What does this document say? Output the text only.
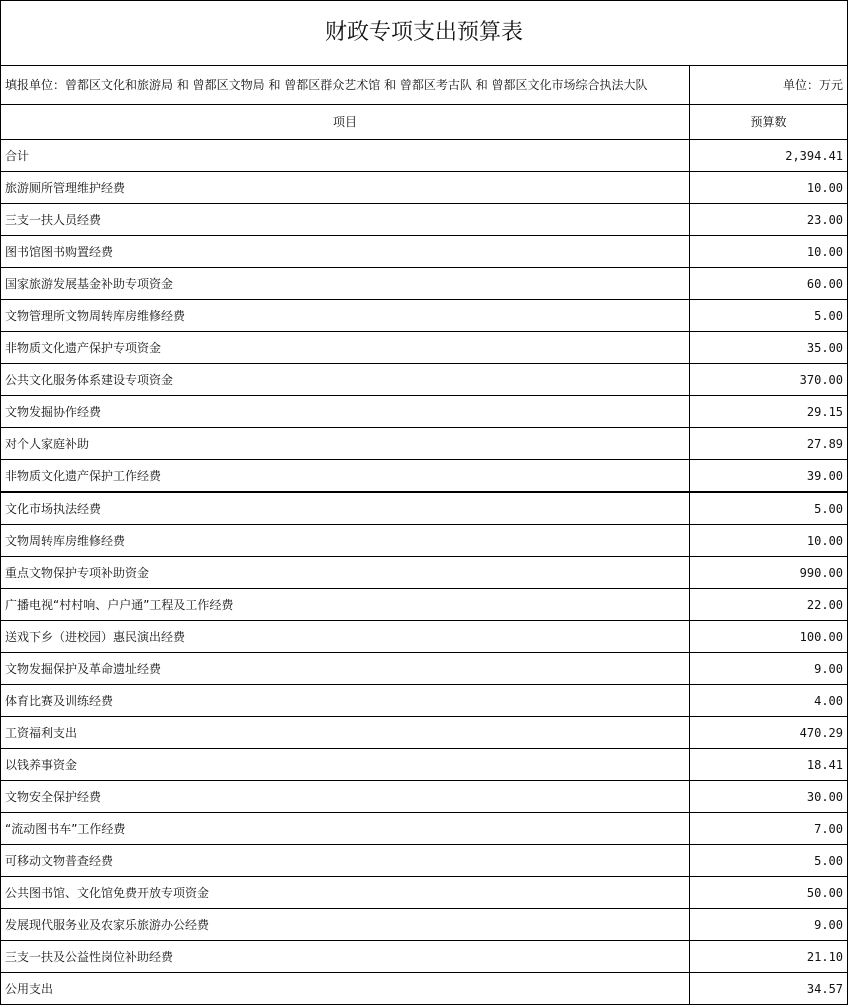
财政专项支出预算表	
填报单位：曾都区文化和旅游局 和 曾都区文物局 和 曾都区群众艺术馆 和 曾都区考古队 和 曾都区文化市场综合执法大队	单位：万元
项目	预算数
合计	2,394.41
旅游厕所管理维护经费	10.00
三支一扶人员经费	23.00
图书馆图书购置经费	10.00
国家旅游发展基金补助专项资金	60.00
文物管理所文物周转库房维修经费	5.00
非物质文化遗产保护专项资金	35.00
公共文化服务体系建设专项资金	370.00
文物发掘协作经费	29.15
对个人家庭补助	27.89
非物质文化遗产保护工作经费	39.00
文化市场执法经费	5.00
文物周转库房维修经费	10.00
重点文物保护专项补助资金	990.00
广播电视“村村响、户户通”工程及工作经费	22.00
送戏下乡（进校园）惠民演出经费	100.00
文物发掘保护及革命遗址经费	9.00
体育比赛及训练经费	4.00
工资福利支出	470.29
以钱养事资金	18.41
文物安全保护经费	30.00
“流动图书车”工作经费	7.00
可移动文物普查经费	5.00
公共图书馆、文化馆免费开放专项资金	50.00
发展现代服务业及农家乐旅游办公经费	9.00
三支一扶及公益性岗位补助经费	21.10
公用支出	34.57
